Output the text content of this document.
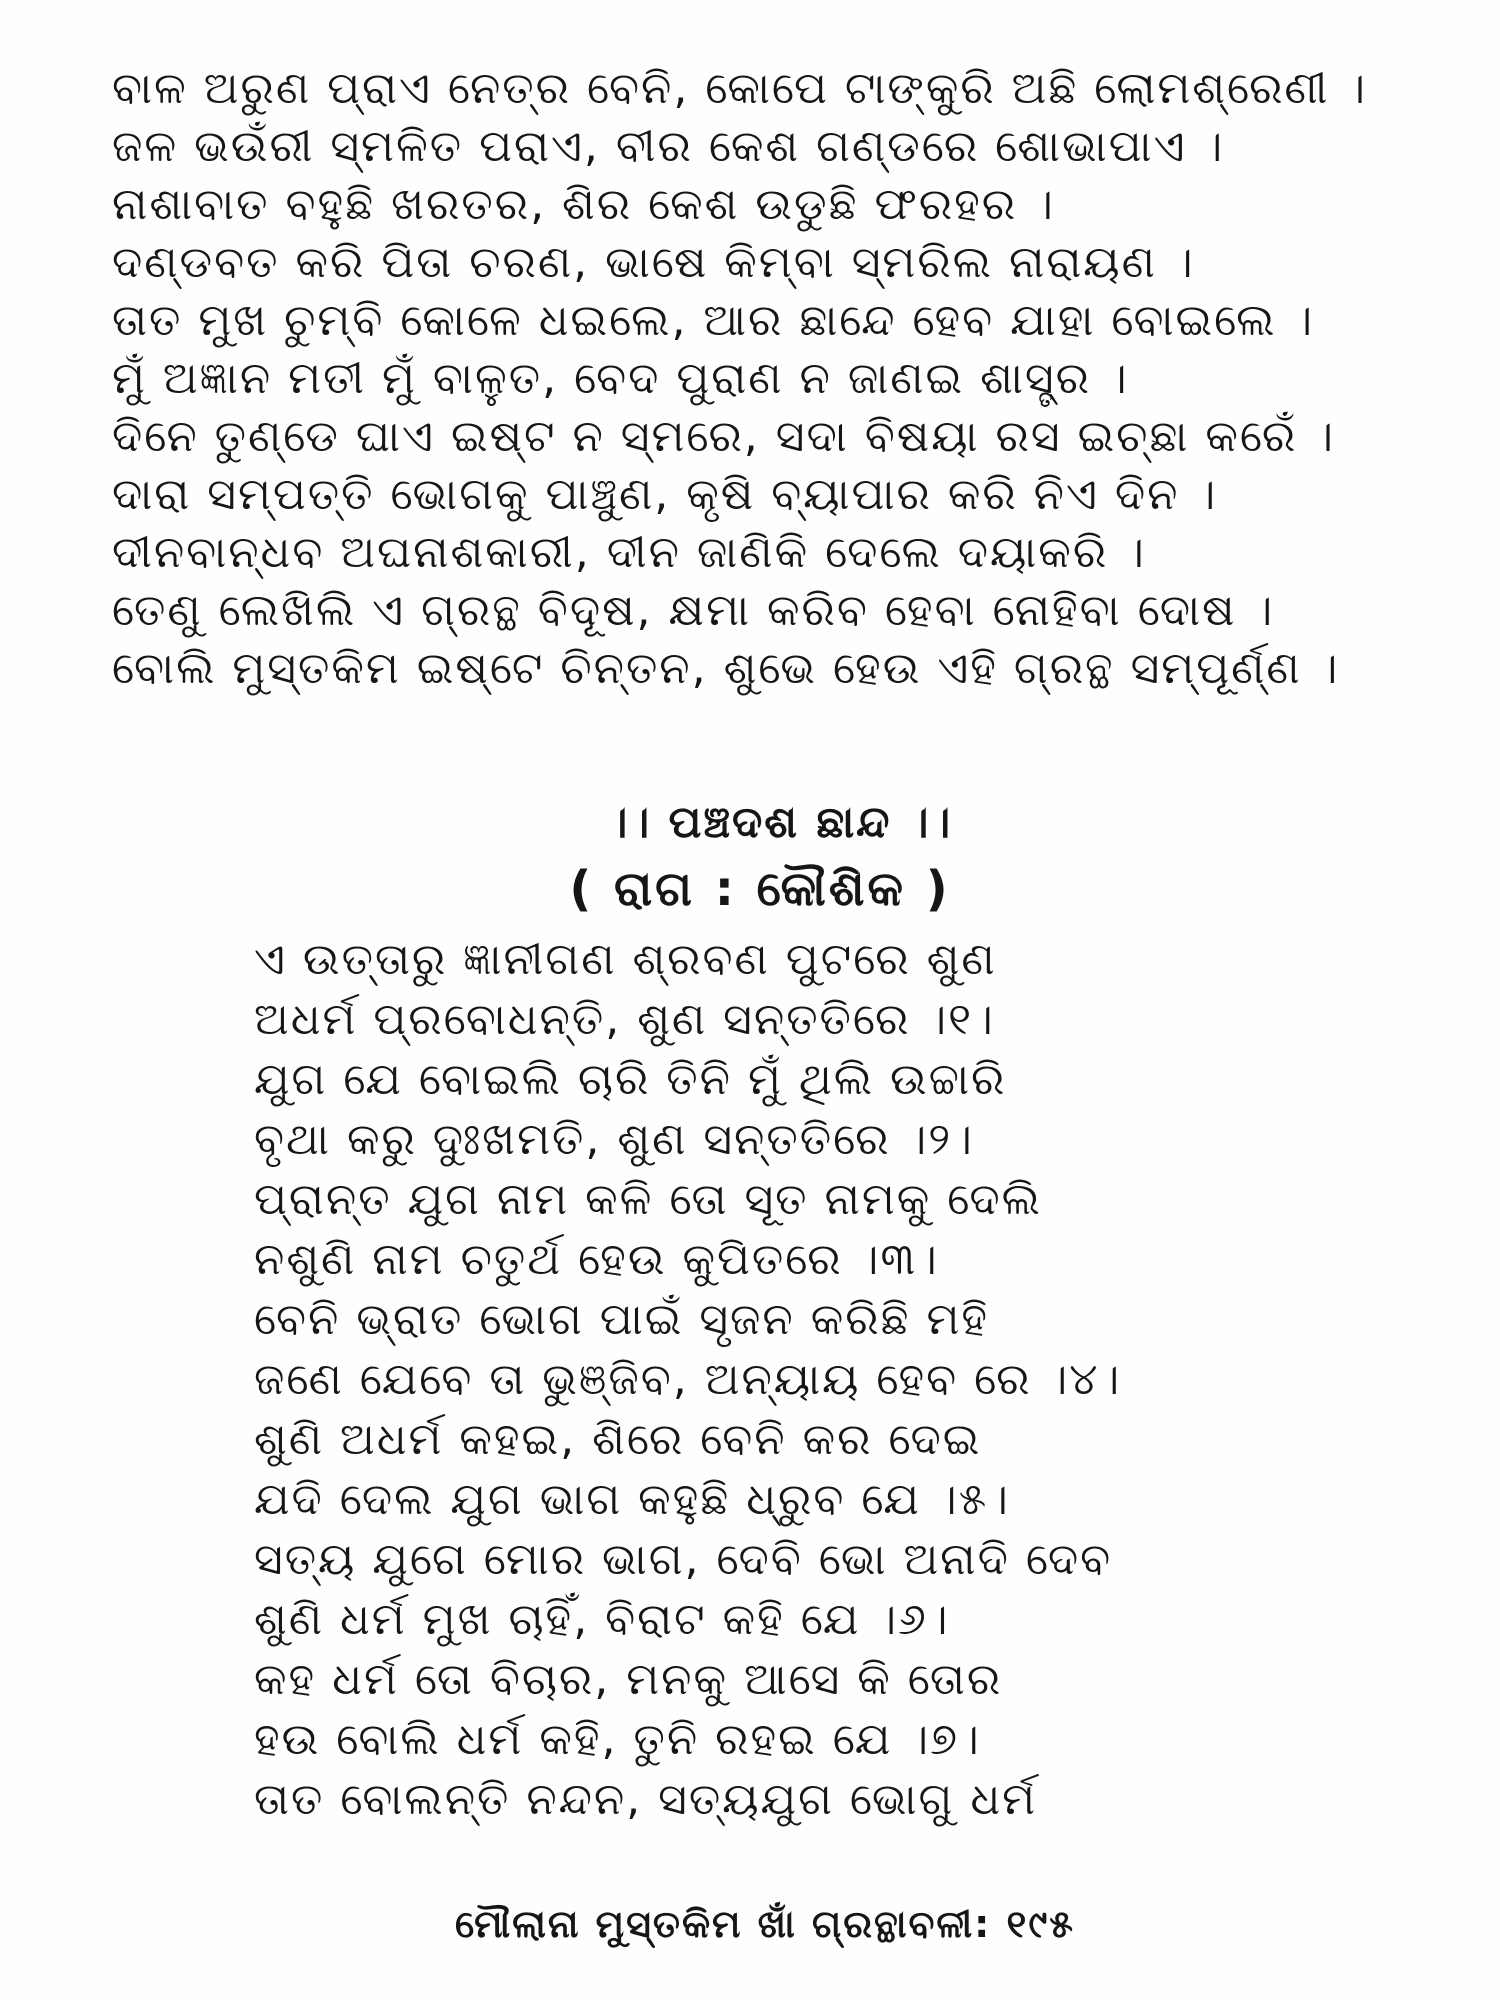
ବାଳ ଅରୁଣ ପ୍ରାଏ ନେତ୍ର ବେନି, କୋପେ ଟାଙ୍କୁରି ଅଛି ଲୋମଶ୍ରେଣୀ ।
ଜଳ ଭଉଁରୀ ସ୍ମଳିତ ପରାଏ, ବୀର କେଶ ଗଣ୍ଡରେ ଶୋଭାପାଏ ।
ନାଶାବାତ ବହୁଛି ଖରତର, ଶିର କେଶ ଉଡୁଛି ଫରହର ।
ଦଣ୍ଡବତ କରି ପିତା ଚରଣ, ଭାଷେ କିମ୍ବା ସ୍ମରିଲ ନାରାୟଣ ।
ତାତ ମୁଖ ଚୁମ୍ବି କୋଳେ ଧଇଲେ, ଆର ଛାନ୍ଦେ ହେବ ଯାହା ବୋଇଲେ ।
ମୁଁ ଅଜ୍ଞାନ ମତୀ ମୁଁ ବାଳୁତ, ବେଦ ପୁରାଣ ନ ଜାଣଇ ଶାସ୍ତ୍ର ।
ଦିନେ ତୁଣ୍ଡେ ଘାଏ ଇଷ୍ଟ ନ ସ୍ମରେ, ସଦା ବିଷୟା ରସ ଇଚ୍ଛା କରେଁ ।
ଦାରା ସମ୍ପତ୍ତି ଭୋଗକୁ ପାଞ୍ଚୁଣ, କୃଷି ବ୍ୟାପାର କରି ନିଏ ଦିନ ।
ଦୀନବାନ୍ଧବ ଅଘନାଶକାରୀ, ଦୀନ ଜାଣିକି ଦେଲେ ଦୟାକରି ।
ତେଣୁ ଲେଖିଲି ଏ ଗ୍ରନ୍ଥ ବିଦୂଷ, କ୍ଷମା କରିବ ହେବା ନୋହିବା ଦୋଷ ।
ବୋଲି ମୁସ୍ତକିମ ଇଷ୍ଟେ ଚିନ୍ତନ, ଶୁଭେ ହେଉ ଏହି ଗ୍ରନ୍ଥ ସମ୍ପୂର୍ଣ୍ଣ ।
।। ପଞ୍ଚଦଶ ଛାନ୍ଦ ।।
( ରାଗ : କୌଶିକ )
ଏ ଉତ୍ତାରୁ ଜ୍ଞାନୀଗଣ ଶ୍ରବଣ ପୁଟରେ ଶୁଣ
ଅଧର୍ମ ପ୍ରବୋଧନ୍ତି, ଶୁଣ ସନ୍ତତିରେ ।୧।
ଯୁଗ ଯେ ବୋଇଲି ଚାରି ତିନି ମୁଁ ଥିଲି ଉଚ୍ଚାରି
ବୃଥା କରୁ ଦୁଃଖମତି, ଶୁଣ ସନ୍ତତିରେ ।୨।
ପ୍ରାନ୍ତ ଯୁଗ ନାମ କଳି ତୋ ସୂତ ନାମକୁ ଦେଲି
ନଶୁଣି ନାମ ଚତୁର୍ଥ ହେଉ କୁପିତରେ ।୩।
ବେନି ଭ୍ରାତ ଭୋଗ ପାଇଁ ସୃଜନ କରିଛି ମହି
ଜଣେ ଯେବେ ତା ଭୁଞ୍ଜିବ, ଅନ୍ୟାୟ ହେବ ରେ ।୪।
ଶୁଣି ଅଧର୍ମ କହଇ, ଶିରେ ବେନି କର ଦେଇ
ଯଦି ଦେଲ ଯୁଗ ଭାଗ କହୁଛି ଧ୍ରୁବ ଯେ ।୫।
ସତ୍ୟ ଯୁଗେ ମୋର ଭାଗ, ଦେବି ଭୋ ଅନାଦି ଦେବ
ଶୁଣି ଧର୍ମ ମୁଖ ଚାହିଁ, ବିରାଟ କହି ଯେ ।୬।
କହ ଧର୍ମ ତୋ ବିଚାର, ମନକୁ ଆସେ କି ତୋର
ହଉ ବୋଲି ଧର୍ମ କହି, ତୁନି ରହଇ ଯେ ।୭।
ତାତ ବୋଲନ୍ତି ନନ୍ଦନ, ସତ୍ୟଯୁଗ ଭୋଗୁ ଧର୍ମ
ମୌଲାନା ମୁସ୍ତକିମ ଖାଁ ଗ୍ରନ୍ଥାବଳୀ: ୧୯୫
